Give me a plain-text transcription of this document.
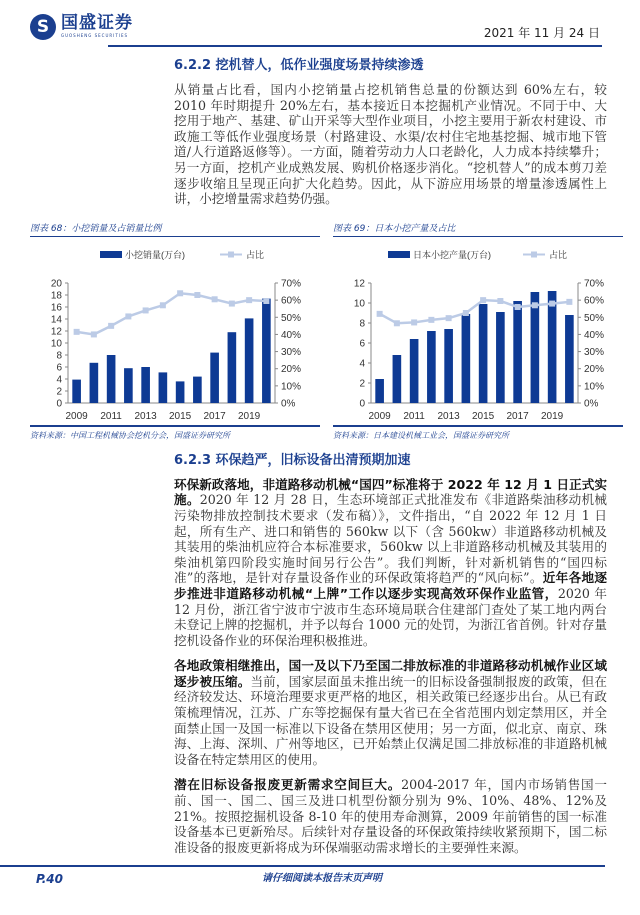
S 国盛证券
GUOSHENG SECURITIES	2021 年 11 月 24 日
6.2.2 挖机替人，低作业强度场景持续渗透
从销量占比看，国内小挖销量占挖机销售总量的份额达到 60%左右，较 2010 年时期提升 20%左右，基本接近日本挖掘机产业情况。不同于中、大挖用于地产、基建、矿山开采等大型作业项目，小挖主要用于新农村建设、市政施工等低作业强度场景（村路建设、水渠/农村住宅地基挖掘、城市地下管道/人行道路返修等）。一方面，随着劳动力人口老龄化，人力成本持续攀升；另一方面，挖机产业成熟发展、购机价格逐步消化。“挖机替人”的成本剪刀差逐步收缩且呈现正向扩大化趋势。因此，从下游应用场景的增量渗透属性上讲，小挖增量需求趋势仍强。
图表 68：小挖销量及占销量比例
小挖销量(万台)	占比
0
2
4
6
8
10
12
14
16
18
20
0%
10%
20%
30%
40%
50%
60%
70%
2009 2011 2013 2015 2017 2019
资料来源：中国工程机械协会挖机分会，国盛证券研究所
图表 69：日本小挖产量及占比
日本小挖产量(万台)	占比
0
2
4
6
8
10
12
0%
10%
20%
30%
40%
50%
60%
70%
2009 2011 2013 2015 2017 2019
资料来源：日本建设机械工业会，国盛证券研究所
6.2.3 环保趋严，旧标设备出清预期加速
环保新政落地，非道路移动机械“国四”标准将于 2022 年 12 月 1 日正式实施。2020 年 12 月 28 日，生态环境部正式批准发布《非道路柴油移动机械污染物排放控制技术要求（发布稿）》，文件指出，“自 2022 年 12 月 1 日起，所有生产、进口和销售的 560kw 以下（含 560kw）非道路移动机械及其装用的柴油机应符合本标准要求，560kw 以上非道路移动机械及其装用的柴油机第四阶段实施时间另行公告”。我们判断，针对新机销售的“国四标准”的落地，是针对存量设备作业的环保政策将趋严的“风向标”。近年各地逐步推进非道路移动机械“上牌”工作以逐步实现高效环保作业监管，2020 年 12 月份，浙江省宁波市宁波市生态环境局联合住建部门查处了某工地内两台未登记上牌的挖掘机，并予以每台 1000 元的处罚，为浙江省首例。针对存量挖机设备作业的环保治理积极推进。
各地政策相继推出，国一及以下乃至国二排放标准的非道路移动机械作业区域逐步被压缩。当前，国家层面虽未推出统一的旧标设备强制报废的政策，但在经济较发达、环境治理要求更严格的地区，相关政策已经逐步出台。从已有政策梳理情况，江苏、广东等挖掘保有量大省已在全省范围内划定禁用区，并全面禁止国一及国一标准以下设备在禁用区使用；另一方面，似北京、南京、珠海、上海、深圳、广州等地区，已开始禁止仅满足国二排放标准的非道路机械设备在特定禁用区的使用。
潜在旧标设备报废更新需求空间巨大。2004-2017 年，国内市场销售国一前、国一、国二、国三及进口机型份额分别为 9%、10%、48%、12%及 21%。按照挖掘机设备 8-10 年的使用寿命测算，2009 年前销售的国一标准设备基本已更新殆尽。后续针对存量设备的环保政策持续收紧预期下，国二标准设备的报废更新将成为环保端驱动需求增长的主要弹性来源。
P.40	请仔细阅读本报告末页声明
